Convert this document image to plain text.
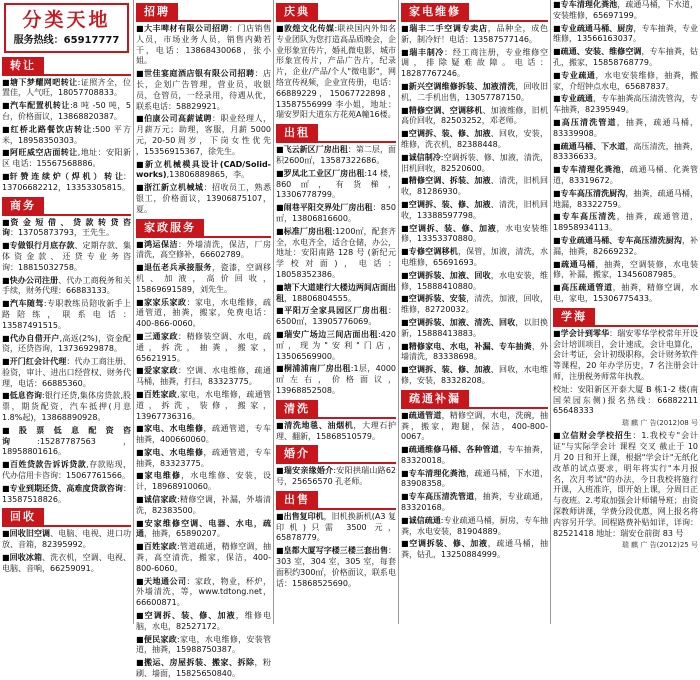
分类天地
服务热线：65917777
转让
■塘下梦耀网吧转让:证照齐全，位置佳，人气旺，18057708833。
■汽车配置机转让:8 吨 -50 吨，5 台，价格面议，13868820387。
■红桥北路餐饮店转让:500 平方米，18958350303。
■阿旺威空店面转让,地址：安阳新区 电话：15567568886。
■轩 赞 连 续 炉（ 焊 机 ） 转 让：13706682212，13353305815。
商务
■资 金 短 借 、 贷 款 转 贷 咨 询：13705873793，王先生。
■专做银行月底存款、定期存款、集体 资 金 款 、 还 贷 专 业 务 咨 询：18815032758。
■快办公司注册、代办工商税务和关手续，财务代理：66883133。
■汽车随驾:专职教练员陪收新手上路陪练，联系电话：13587491515。
■代办自借开户,高返(2%)，资金配资，还贷咨询，13736929878。
■开门红会计代理：代办工商注册、验资，审计、进出口经营权、财务代理，电话：66885360。
■低息咨询:银行还贷,集体房贷款,股票，期货配资，汽车抵押(月息 1.8%起)，13868890928。
■股票低息配资咨询:15287787563，18958801616。
■百姓贷款告诉诉贷款,存款贴现，代办信用卡咨询：15067761566。
■专业到期还贷、高难度贷款咨询：13587518826。
回收
■回收旧空调、电脑、电视、进口功放、音箱，82395992。
■回收冰箱、洗衣机，空调、电视、电脑、音响，66259091。
招聘
■大丰啤材有限公司招聘：门店销售人员，市场业务人员，销售内勤若干，电话：13868430068，张小姐。
■世佳宴庭酒店银有限公司招聘：店长，企划广告管理，营业员，收银员，仓管员，一经录用，待遇从优，联系电话：58829921。
■伯康公司高薪诚聘：职业经理人，月薪万元；助理，客服，月薪 5000 元，20-50 周 岁 ， 下 岗 女 性 优 先 ，15356915367，徐先生。
■新立机械模具设计(CAD/Solid-works),13806889865，李。
■浙江新立机械城：招收员工，熟悉银工，价格面议，13906875107，夏。
家政服务
■鸿运保洁：外墙清洗，保洁，厂房清洗，高空修补，66602789。
■退伍老兵承接服务，瓷漆，空调移机、加液，高价回收，15869691589，刘先生。
■家家乐家政：家电，水电维修，疏通管道，抽粪，搬家，免费电话：400-866-0060。
■三通家政：精修装空调、水电，疏通，拆洗，抽粪，搬家，65621915。
■爱家家政：空调、水电维修，疏通马桶，抽粪，打扫，83323775。
■百姓家政,家电，水电维修，疏通管道，拆洗，装修，搬家，13967736316。
■家电、水电维修，疏通管道，专车抽粪，400660060。
■家电、水电维修，疏通管道，专车抽粪，83323775。
■家电维修，水电维修、安装，设计，18968910060。
■诚信家政:精修空调，补漏，外墙清洗，82383500。
■安家维修空调、电器、水电，疏通，抽粪，65890207。
■百姓家政:管道疏通，精修空调，抽粪，高空清洗，搬家，保洁，400-800-6060。
■天地通公司：家政，物业，杯炉，外墙清洗，等，www.tdtong.net，66600871。
■空调拆、装、修、加液，维修电脑，水电，82527172。
■便民家政:家电，水电维修，安装管道，抽粪，15988750387。
■搬运、房屋拆装、搬家、拆除，粉刷、墙面，15825650840。
庆典
■敦煌文化传媒:联袂国内外知名专业团队为您打造高品质晚会，企业形象宣传片，婚礼微电影，城市形象宣传片，产品广告片，纪录片，企业/产品/个人"微电影"，网络宣传视频，企业宣传册，电话：66889229，15067722898，13587556999 李小姐，地址：瑞安罗阳大道东方花苑A幢16楼。
出租
■飞云新区厂房出租：第二层，面积2600㎡，13587322686。
■罗凤北工业区厂房出租:14 楼，860㎡，有货梯，13306778799。
■闹巷平阳交界处厂房出租：850㎡，13806816600。
■标准厂房出租:1200㎡，配套齐全，水电齐全，适合仓储，办公，地址：安阳南路 128 号 (新纪元学校对面)，电话：18058352386。
■塘下大道建行大楼边两间店面出租，18806804555。
■平阳万全家具园区厂房出租：6500㎡，13905776069。
■瑞安广场边三间店面出租:420㎡，现为"安利"门店，13506569900。
■桐浦浦南厂房出租:1层，4000㎡左右，价格面议，13968852508。
清洗
■清洗地毯、油烟机，大理石护理、翻新，15868510579。
婚介
■瑞安亲缘婚介:安阳拱瑞山路62号，25656570 孔老师。
出售
■出售复印机，旧机换新机(A3 复印机)只需 3500 元，65878779。
■皇都大厦写字楼三楼三套出售：303 室，304 室，305 室，每套面积约300㎡，价格面议，联系电话：15868525690。
家电维修
■瑞丰二手空调专卖店，品种全，成色新，制冷好！电话：13587577146。
■瑞丰制冷：经工商注册，专业维修空调，排除疑难故障。电话：18287767246。
■新兴空调维修拆装、加液清洗，回收旧机，二手机出售，13057787150。
■精修空调、空调移机、加液维修，旧机高价回收，82503252，邓老师。
■空调拆、装、修、加液、回收，安装，维修，洗衣机，82388448。
■诚信制冷:空调拆装、修、加液，清洗，旧机回收，82520600。
■精修空调、拆装、加液、清洗，旧机回收，81286930。
■空调拆、装、修、加液、清洗，旧机回收，13388597798。
■空调拆、装、修、加液，水电安装维修，13353370880。
■专修空调移机，保管，加液，清洗，水电维修，65691693。
■空调拆装、加液、回收，水电安装，维修，15888410880。
■空调拆装、安装，清洗，加液，回收，维修，82720032。
■空调拆装、加液、清洗、回收，以旧换新，15888413883。
■精修家电、水电，补漏、专车抽粪，外墙清洗，83338698。
■空调拆、装、修、加液、回收，水电维修，安装，83328208。
疏通补漏
■疏通管道，精修空调，水电，洗碗，抽粪，搬家，跑腿，保洁，400-800-0067。
■疏通维修马桶、各种管道，专车抽粪，83320018。
■专车清理化粪池，疏通马桶，下水道，83908358。
■专车高压清洗管道，抽粪，专业疏通，83320168。
■诚信疏通:专业疏通马桶，厨房，专车抽粪，水电安装，81904889。
■空调拆装、修、加液，疏通马桶，抽粪，钻孔，13250884999。
■专车清理化粪池，疏通马桶，下水道，安装维修，65697199。
■专业疏通马桶、厨房，专车抽粪，专业维修，13566163037。
■疏通、安装、维修空调，专车抽粪，钻孔，搬家，15858768779。
■专业疏通，水电安装维修，抽粪，搬家，介绍钟点水电，65687837。
■专业疏通，专车抽粪高压清洗管沟，专车抽粪，82395949。
■高压清洗管道，抽粪，疏通马桶，83339908。
■疏通马桶、下水道，高压清洗，抽粪，83336633。
■专车清理化粪池，疏通马桶、化粪管道，83319672。
■专车高压清洗厨沟，抽粪，疏通马桶，地漏，83322759。
■专车高压清洗，抽粪，疏通管道，18958934113。
■专业疏通马桶、专车高压清洗厨沟，补漏，抽粪，82669232。
■疏通马桶，抽粪，空调装修，水电装修，补漏，搬家，13456087985。
■高压疏通管道，抽粪，精修空调，水电，家电，15306775433。
学海
■学会计到零华：瑞安零华学校常年开设会计培训项目，会计速成，会计电算化，会计考证，会计初级职称，会计财务软件等课程，20 年办学历史，7 名注册会计师，注册税务师常年执教。
校址：安阳新区开泰大厦 B 栋1-2 楼(南国荣园东侧)报名热线：66882211 65648333
瑞 麒 广 告(2012)08 号
■立信财会学校招生：1.我校专"会计证"与实际学会计 课程 交叉 截止于 10 月 20 日和开上课，根据"学会计"无纸化改革的试点要求，明年将实行"本月报名，次月考试"的办法，今日我校将施行开课，入班准许，即开始上课，分周日正与夜班。2.考取加强会计师辅导班；由资深教师讲课，学费分段优惠，网上报名将内容另开学。回程路费补贴如详，详询：82521418 地址：瑞安仓前街 83 号
瑞 麒 广 告(2012)25 号
